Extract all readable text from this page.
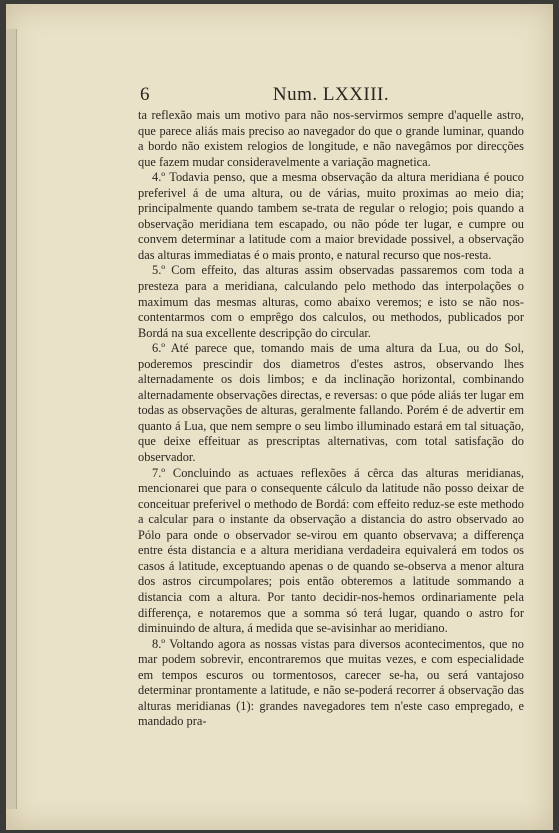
6	Num. LXXIII.

ta reflexão mais um motivo para não nos-servirmos sempre d'aquelle astro, que parece aliás mais preciso ao navegador do que o grande luminar, quando a bordo não existem relogios de longitude, e não navegâmos por direcções que fazem mudar consideravelmente a variação magnetica.

4.º Todavia penso, que a mesma observação da altura meridiana é pouco preferivel á de uma altura, ou de várias, muito proximas ao meio dia; principalmente quando tambem se-trata de regular o relogio; pois quando a observação meridiana tem escapado, ou não póde ter lugar, e cumpre ou convem determinar a latitude com a maior brevidade possivel, a observação das alturas immediatas é o mais pronto, e natural recurso que nos-resta.

5.º Com effeito, das alturas assim observadas passaremos com toda a presteza para a meridiana, calculando pelo methodo das interpolações o maximum das mesmas alturas, como abaixo veremos; e isto se não nos-contentarmos com o emprêgo dos calculos, ou methodos, publicados por Bordá na sua excellente descripção do circular.

6.º Até parece que, tomando mais de uma altura da Lua, ou do Sol, poderemos prescindir dos diametros d'estes astros, observando lhes alternadamente os dois limbos; e da inclinação horizontal, combinando alternadamente observações directas, e reversas: o que póde aliás ter lugar em todas as observações de alturas, geralmente fallando. Porém é de advertir em quanto á Lua, que nem sempre o seu limbo illuminado estará em tal situação, que deixe effeituar as prescriptas alternativas, com total satisfação do observador.

7.º Concluindo as actuaes reflexões á cêrca das alturas meridianas, mencionarei que para o consequente cálculo da latitude não posso deixar de conceituar preferivel o methodo de Bordá: com effeito reduz-se este methodo a calcular para o instante da observação a distancia do astro observado ao Pólo para onde o observador se-virou em quanto observava; a differença entre ésta distancia e a altura meridiana verdadeira equivalerá em todos os casos á latitude, exceptuando apenas o de quando se-observa a menor altura dos astros circumpolares; pois então obteremos a latitude sommando a distancia com a altura. Por tanto decidir-nos-hemos ordinariamente pela differença, e notaremos que a somma só terá lugar, quando o astro for diminuindo de altura, á medida que se-avisinhar ao meridiano.

8.º Voltando agora as nossas vistas para diversos acontecimentos, que no mar podem sobrevir, encontraremos que muitas vezes, e com especialidade em tempos escuros ou tormentosos, carecer se-ha, ou será vantajoso determinar prontamente a latitude, e não se-poderá recorrer á observação das alturas meridianas (1): grandes navegadores tem n'este caso empregado, e mandado pra-
